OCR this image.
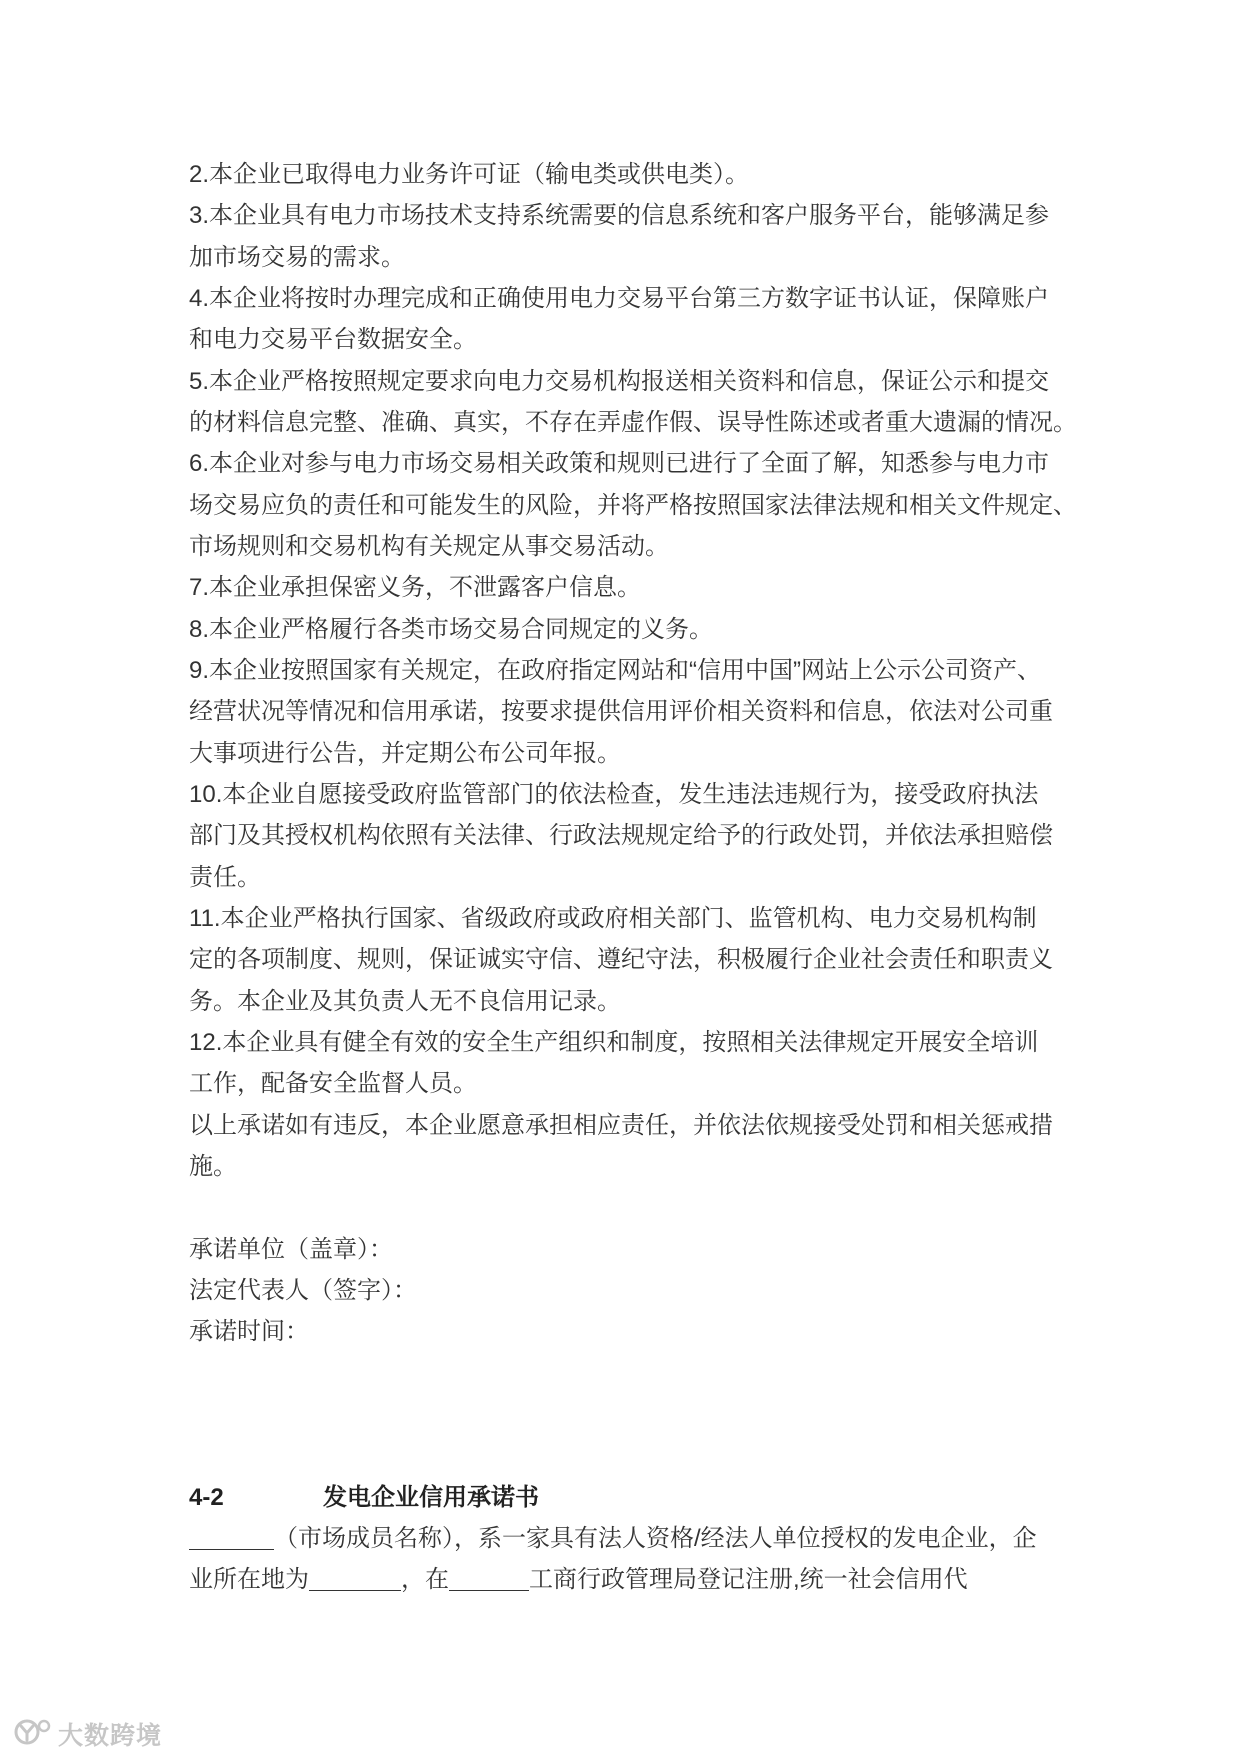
2.本企业已取得电力业务许可证（输电类或供电类）。
3.本企业具有电力市场技术支持系统需要的信息系统和客户服务平台，能够满足参
加市场交易的需求。
4.本企业将按时办理完成和正确使用电力交易平台第三方数字证书认证，保障账户
和电力交易平台数据安全。
5.本企业严格按照规定要求向电力交易机构报送相关资料和信息，保证公示和提交
的材料信息完整、准确、真实，不存在弄虚作假、误导性陈述或者重大遗漏的情况。
6.本企业对参与电力市场交易相关政策和规则已进行了全面了解，知悉参与电力市
场交易应负的责任和可能发生的风险，并将严格按照国家法律法规和相关文件规定、
市场规则和交易机构有关规定从事交易活动。
7.本企业承担保密义务，不泄露客户信息。
8.本企业严格履行各类市场交易合同规定的义务。
9.本企业按照国家有关规定，在政府指定网站和“信用中国”网站上公示公司资产、
经营状况等情况和信用承诺，按要求提供信用评价相关资料和信息，依法对公司重
大事项进行公告，并定期公布公司年报。
10.本企业自愿接受政府监管部门的依法检查，发生违法违规行为，接受政府执法
部门及其授权机构依照有关法律、行政法规规定给予的行政处罚，并依法承担赔偿
责任。
11.本企业严格执行国家、省级政府或政府相关部门、监管机构、电力交易机构制
定的各项制度、规则，保证诚实守信、遵纪守法，积极履行企业社会责任和职责义
务。本企业及其负责人无不良信用记录。
12.本企业具有健全有效的安全生产组织和制度，按照相关法律规定开展安全培训
工作，配备安全监督人员。
以上承诺如有违反，本企业愿意承担相应责任，并依法依规接受处罚和相关惩戒措
施。
承诺单位（盖章）：
法定代表人（签字）：
承诺时间：
4-2	发电企业信用承诺书
（市场成员名称），系一家具有法人资格/经法人单位授权的发电企业，企
业所在地为	，在	工商行政管理局登记注册,统一社会信用代
大数跨境
